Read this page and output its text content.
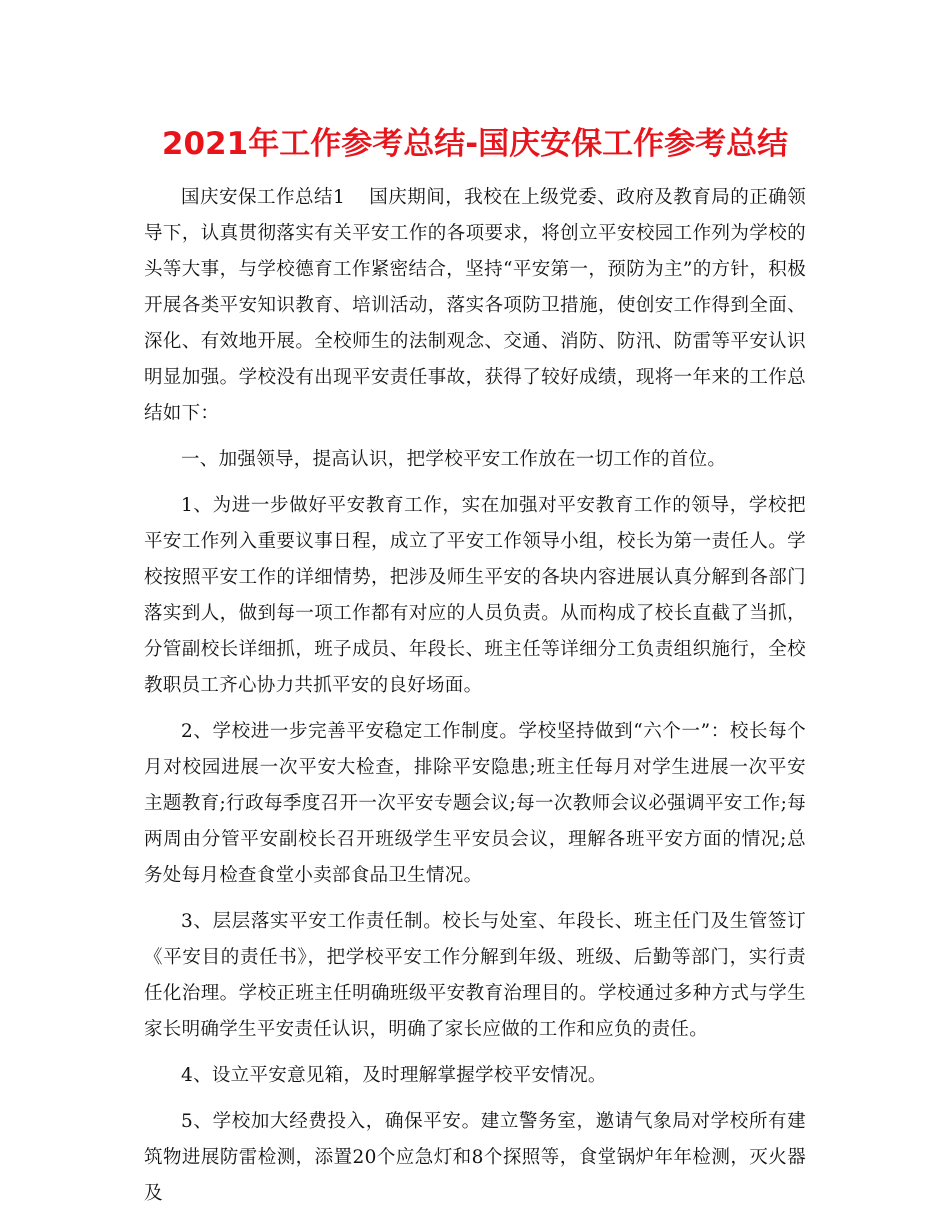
2021年工作参考总结-国庆安保工作参考总结

国庆安保工作总结1 国庆期间，我校在上级党委、政府及教育局的正确领导下，认真贯彻落实有关平安工作的各项要求，将创立平安校园工作列为学校的头等大事，与学校德育工作紧密结合，坚持“平安第一，预防为主”的方针，积极开展各类平安知识教育、培训活动，落实各项防卫措施，使创安工作得到全面、深化、有效地开展。全校师生的法制观念、交通、消防、防汛、防雷等平安认识明显加强。学校没有出现平安责任事故，获得了较好成绩，现将一年来的工作总结如下：

一、加强领导，提高认识，把学校平安工作放在一切工作的首位。

1、为进一步做好平安教育工作，实在加强对平安教育工作的领导，学校把平安工作列入重要议事日程，成立了平安工作领导小组，校长为第一责任人。学校按照平安工作的详细情势，把涉及师生平安的各块内容进展认真分解到各部门落实到人，做到每一项工作都有对应的人员负责。从而构成了校长直截了当抓，分管副校长详细抓，班子成员、年段长、班主任等详细分工负责组织施行，全校教职员工齐心协力共抓平安的良好场面。

2、学校进一步完善平安稳定工作制度。学校坚持做到“六个一”：校长每个月对校园进展一次平安大检查，排除平安隐患;班主任每月对学生进展一次平安主题教育;行政每季度召开一次平安专题会议;每一次教师会议必强调平安工作;每两周由分管平安副校长召开班级学生平安员会议，理解各班平安方面的情况;总务处每月检查食堂小卖部食品卫生情况。

3、层层落实平安工作责任制。校长与处室、年段长、班主任门及生管签订《平安目的责任书》，把学校平安工作分解到年级、班级、后勤等部门，实行责任化治理。学校正班主任明确班级平安教育治理目的。学校通过多种方式与学生家长明确学生平安责任认识，明确了家长应做的工作和应负的责任。

4、设立平安意见箱，及时理解掌握学校平安情况。

5、学校加大经费投入，确保平安。建立警务室，邀请气象局对学校所有建筑物进展防雷检测，添置20个应急灯和8个探照等，食堂锅炉年年检测，灭火器及
